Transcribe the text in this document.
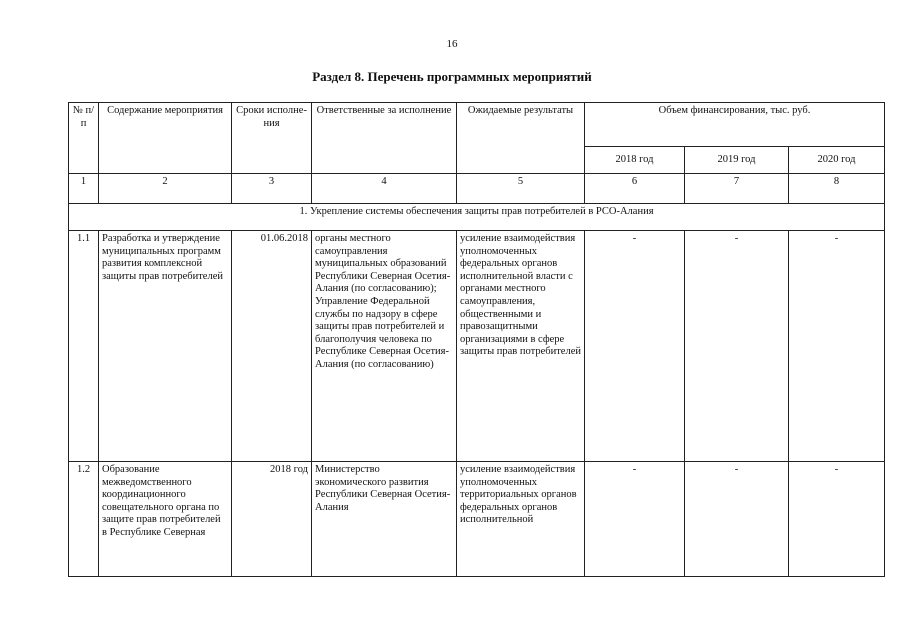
16
Раздел 8. Перечень программных мероприятий
№ п/п	Содержание мероприятия	Сроки исполне-ния	Ответственные за исполнение	Ожидаемые результаты	Объем финансирования, тыс. руб.		
					2018 год	2019 год	2020 год
1	2	3	4	5	6	7	8
1. Укрепление системы обеспечения защиты прав потребителей в РСО-Алания							
1.1	Разработка и утверждение муниципальных программ развития комплексной защиты прав потребителей	01.06.2018	органы местного самоуправления муниципальных образований Республики Северная Осетия-Алания (по согласованию); Управление Федеральной службы по надзору в сфере защиты прав потребителей и благополучия человека по Республике Северная Осетия-Алания (по согласованию)	усиление взаимодействия уполномоченных федеральных органов исполнительной власти с органами местного самоуправления, общественными и правозащитными организациями в сфере защиты прав потребителей	-	-	-
1.2	Образование межведомственного координационного совещательного органа по защите прав потребителей в Республике Северная	2018 год	Министерство экономического развития Республики Северная Осетия-Алания	усиление взаимодействия уполномоченных территориальных органов федеральных органов исполнительной	-	-	-
